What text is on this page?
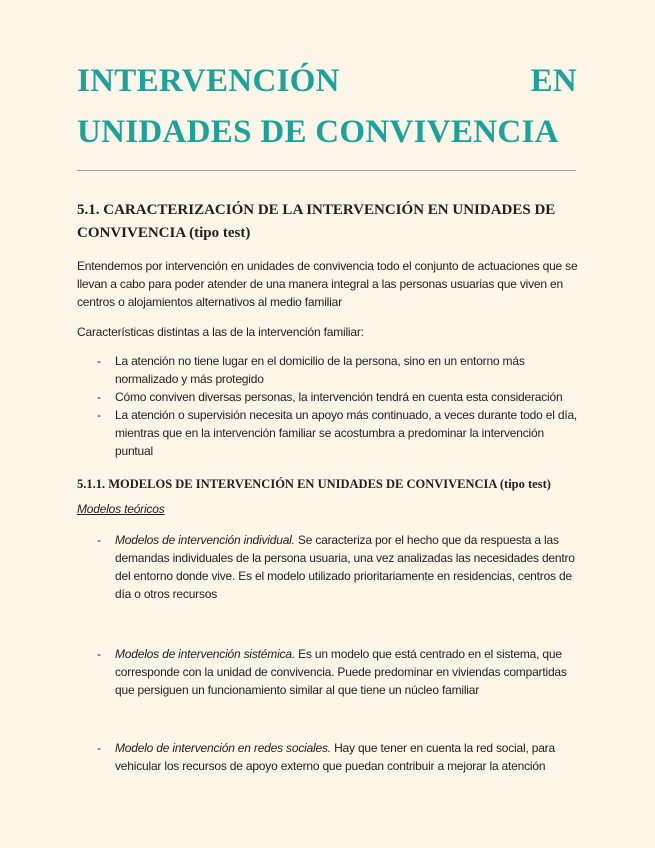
INTERVENCIÓN	EN
UNIDADES DE CONVIVENCIA
5.1. CARACTERIZACIÓN DE LA INTERVENCIÓN EN UNIDADES DE CONVIVENCIA (tipo test)

Entendemos por intervención en unidades de convivencia todo el conjunto de actuaciones que se llevan a cabo para poder atender de una manera integral a las personas usuarias que viven en centros o alojamientos alternativos al medio familiar

Características distintas a las de la intervención familiar:

- La atención no tiene lugar en el domicilio de la persona, sino en un entorno más normalizado y más protegido
- Cómo conviven diversas personas, la intervención tendrá en cuenta esta consideración
- La atención o supervisión necesita un apoyo más continuado, a veces durante todo el día, mientras que en la intervención familiar se acostumbra a predominar la intervención puntual
5.1.1. MODELOS DE INTERVENCIÓN EN UNIDADES DE CONVIVENCIA (tipo test)

Modelos teóricos

- Modelos de intervención individual. Se caracteriza por el hecho que da respuesta a las demandas individuales de la persona usuaria, una vez analizadas las necesidades dentro del entorno donde vive. Es el modelo utilizado prioritariamente en residencias, centros de día o otros recursos
- Modelos de intervención sistémica. Es un modelo que está centrado en el sistema, que corresponde con la unidad de convivencia. Puede predominar en viviendas compartidas que persiguen un funcionamiento similar al que tiene un núcleo familiar
- Modelo de intervención en redes sociales. Hay que tener en cuenta la red social, para vehicular los recursos de apoyo externo que puedan contribuir a mejorar la atención
